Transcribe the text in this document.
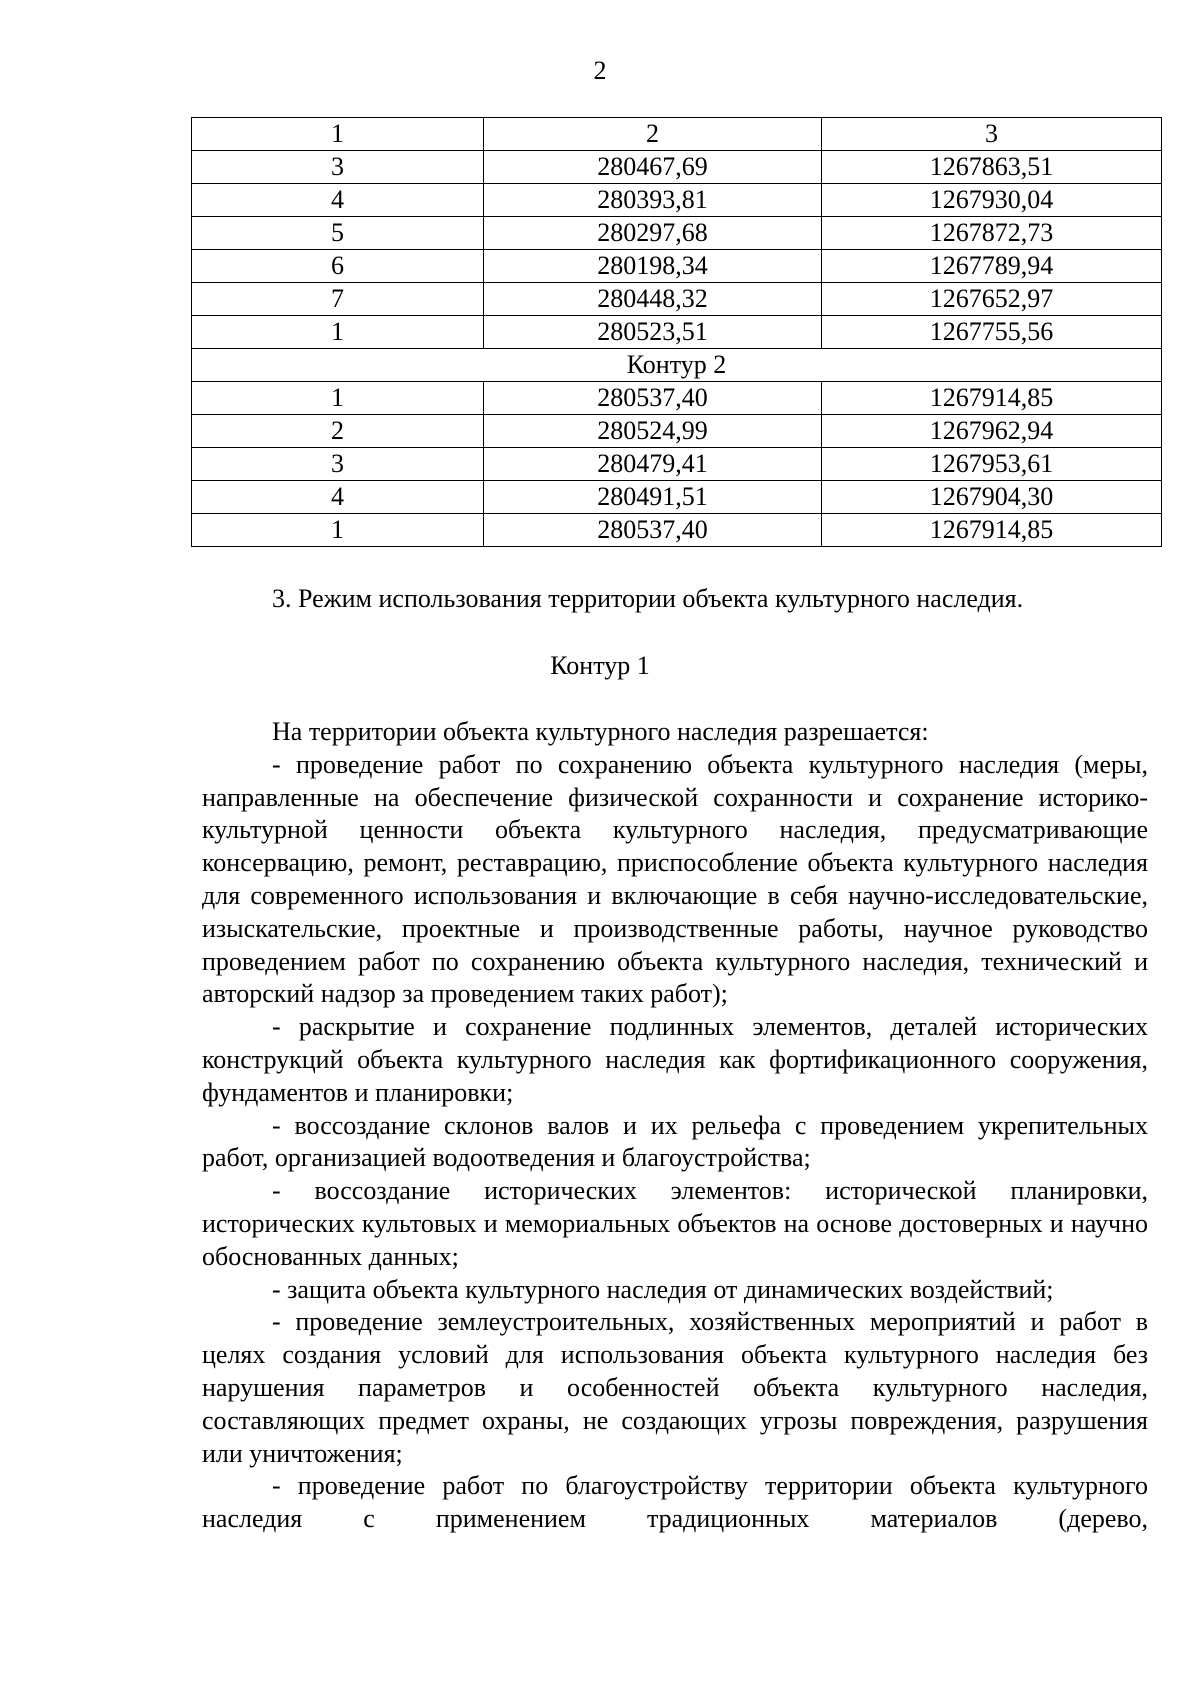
2
1	2	3
3	280467,69	1267863,51
4	280393,81	1267930,04
5	280297,68	1267872,73
6	280198,34	1267789,94
7	280448,32	1267652,97
1	280523,51	1267755,56
Контур 2		
1	280537,40	1267914,85
2	280524,99	1267962,94
3	280479,41	1267953,61
4	280491,51	1267904,30
1	280537,40	1267914,85
3. Режим использования территории объекта культурного наследия.
Контур 1

На территории объекта культурного наследия разрешается:

- проведение работ по сохранению объекта культурного наследия (меры, направленные на обеспечение физической сохранности и сохранение историко-культурной ценности объекта культурного наследия, предусматривающие консервацию, ремонт, реставрацию, приспособление объекта культурного наследия для современного использования и включающие в себя научно-исследовательские, изыскательские, проектные и производственные работы, научное руководство проведением работ по сохранению объекта культурного наследия, технический и авторский надзор за проведением таких работ);

- раскрытие и сохранение подлинных элементов, деталей исторических конструкций объекта культурного наследия как фортификационного сооружения, фундаментов и планировки;

- воссоздание склонов валов и их рельефа с проведением укрепительных работ, организацией водоотведения и благоустройства;

- воссоздание исторических элементов: исторической планировки, исторических культовых и мемориальных объектов на основе достоверных и научно обоснованных данных;

- защита объекта культурного наследия от динамических воздействий;

- проведение землеустроительных, хозяйственных мероприятий и работ в целях создания условий для использования объекта культурного наследия без нарушения параметров и особенностей объекта культурного наследия, составляющих предмет охраны, не создающих угрозы повреждения, разрушения или уничтожения;

- проведение работ по благоустройству территории объекта культурного наследия с применением традиционных материалов (дерево,
